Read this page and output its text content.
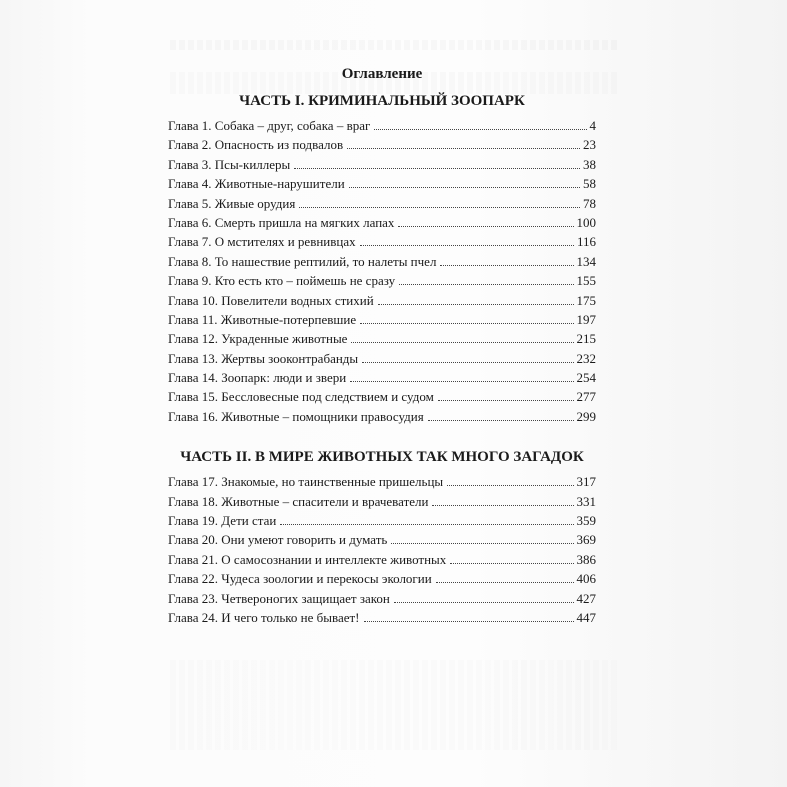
Оглавление
ЧАСТЬ I. КРИМИНАЛЬНЫЙ ЗООПАРК
Глава 1. Собака – друг, собака – враг	4
Глава 2. Опасность из подвалов	23
Глава 3. Псы-киллеры	38
Глава 4. Животные-нарушители	58
Глава 5. Живые орудия	78
Глава 6. Смерть пришла на мягких лапах	100
Глава 7. О мстителях и ревнивцах	116
Глава 8. То нашествие рептилий, то налеты пчел	134
Глава 9. Кто есть кто – поймешь не сразу	155
Глава 10. Повелители водных стихий	175
Глава 11. Животные-потерпевшие	197
Глава 12. Украденные животные	215
Глава 13. Жертвы зооконтрабанды	232
Глава 14. Зоопарк: люди и звери	254
Глава 15. Бессловесные под следствием и судом	277
Глава 16. Животные – помощники правосудия	299
ЧАСТЬ II. В МИРЕ ЖИВОТНЫХ ТАК МНОГО ЗАГАДОК
Глава 17. Знакомые, но таинственные пришельцы	317
Глава 18. Животные – спасители и врачеватели	331
Глава 19. Дети стаи	359
Глава 20. Они умеют говорить и думать	369
Глава 21. О самосознании и интеллекте животных	386
Глава 22. Чудеса зоологии и перекосы экологии	406
Глава 23. Четвероногих защищает закон	427
Глава 24. И чего только не бывает!	447
